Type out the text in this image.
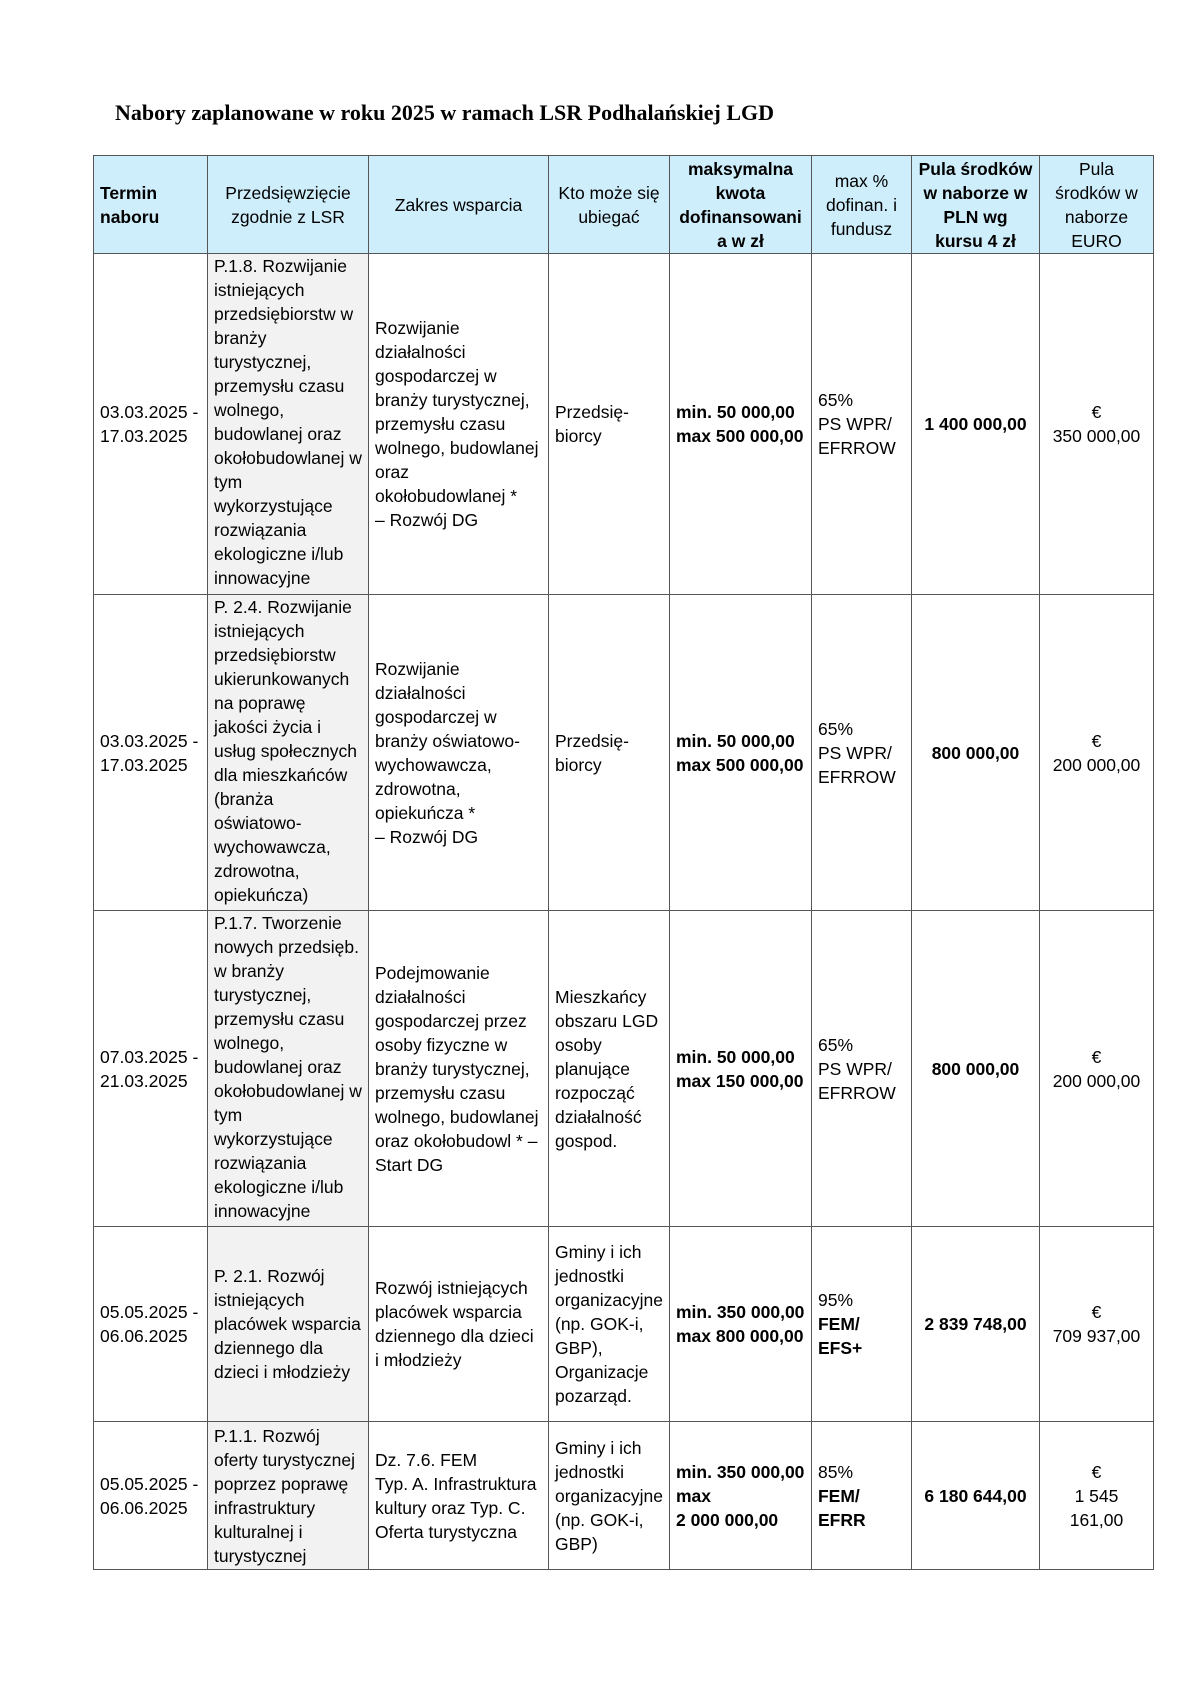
Nabory zaplanowane w roku 2025 w ramach LSR Podhalańskiej LGD
Termin naboru	Przedsięwzięcie zgodnie z LSR	Zakres wsparcia	Kto może się ubiegać	maksymalna kwota dofinansowani a w zł	max % dofinan. i fundusz	Pula środków w naborze w PLN wg kursu 4 zł	Pula środków w naborze EURO

03.03.2025 -
17.03.2025	P.1.8. Rozwijanie istniejących przedsiębiorstw w branży turystycznej, przemysłu czasu wolnego, budowlanej oraz okołobudowlanej w tym wykorzystujące rozwiązania ekologiczne i/lub innowacyjne	Rozwijanie działalności gospodarczej w branży turystycznej, przemysłu czasu wolnego, budowlanej oraz okołobudowlanej *
– Rozwój DG	Przedsię-biorcy	min. 50 000,00
max 500 000,00	65%
PS WPR/
EFRROW	1 400 000,00	€
350 000,00

03.03.2025 -
17.03.2025	P. 2.4. Rozwijanie istniejących przedsiębiorstw ukierunkowanych na poprawę jakości życia i usług społecznych dla mieszkańców (branża oświatowo-wychowawcza, zdrowotna, opiekuńcza)	Rozwijanie działalności gospodarczej w branży oświatowo-wychowawcza, zdrowotna, opiekuńcza *
– Rozwój DG	Przedsię-biorcy	min. 50 000,00
max 500 000,00	65%
PS WPR/
EFRROW	800 000,00	€
200 000,00

07.03.2025 -
21.03.2025	P.1.7. Tworzenie nowych przedsięb. w branży turystycznej, przemysłu czasu wolnego, budowlanej oraz okołobudowlanej w tym wykorzystujące rozwiązania ekologiczne i/lub innowacyjne	Podejmowanie działalności gospodarczej przez osoby fizyczne w branży turystycznej, przemysłu czasu wolnego, budowlanej oraz okołobudowl * – Start DG	Mieszkańcy obszaru LGD osoby planujące rozpocząć działalność gospod.	min. 50 000,00
max 150 000,00	65%
PS WPR/
EFRROW	800 000,00	€
200 000,00

05.05.2025 -
06.06.2025	P. 2.1. Rozwój istniejących placówek wsparcia dziennego dla dzieci i młodzieży	Rozwój istniejących placówek wsparcia dziennego dla dzieci i młodzieży	Gminy i ich jednostki organizacyjne (np. GOK-i, GBP), Organizacje pozarząd.	min. 350 000,00
max 800 000,00	95%
FEM/
EFS+	2 839 748,00	€
709 937,00

05.05.2025 -
06.06.2025	P.1.1. Rozwój oferty turystycznej poprzez poprawę infrastruktury kulturalnej i turystycznej	Dz. 7.6. FEM
Typ. A. Infrastruktura kultury oraz Typ. C. Oferta turystyczna	Gminy i ich jednostki organizacyjne (np. GOK-i, GBP)	min. 350 000,00
max
2 000 000,00	85%
FEM/
EFRR	6 180 644,00	€
1 545 161,00
